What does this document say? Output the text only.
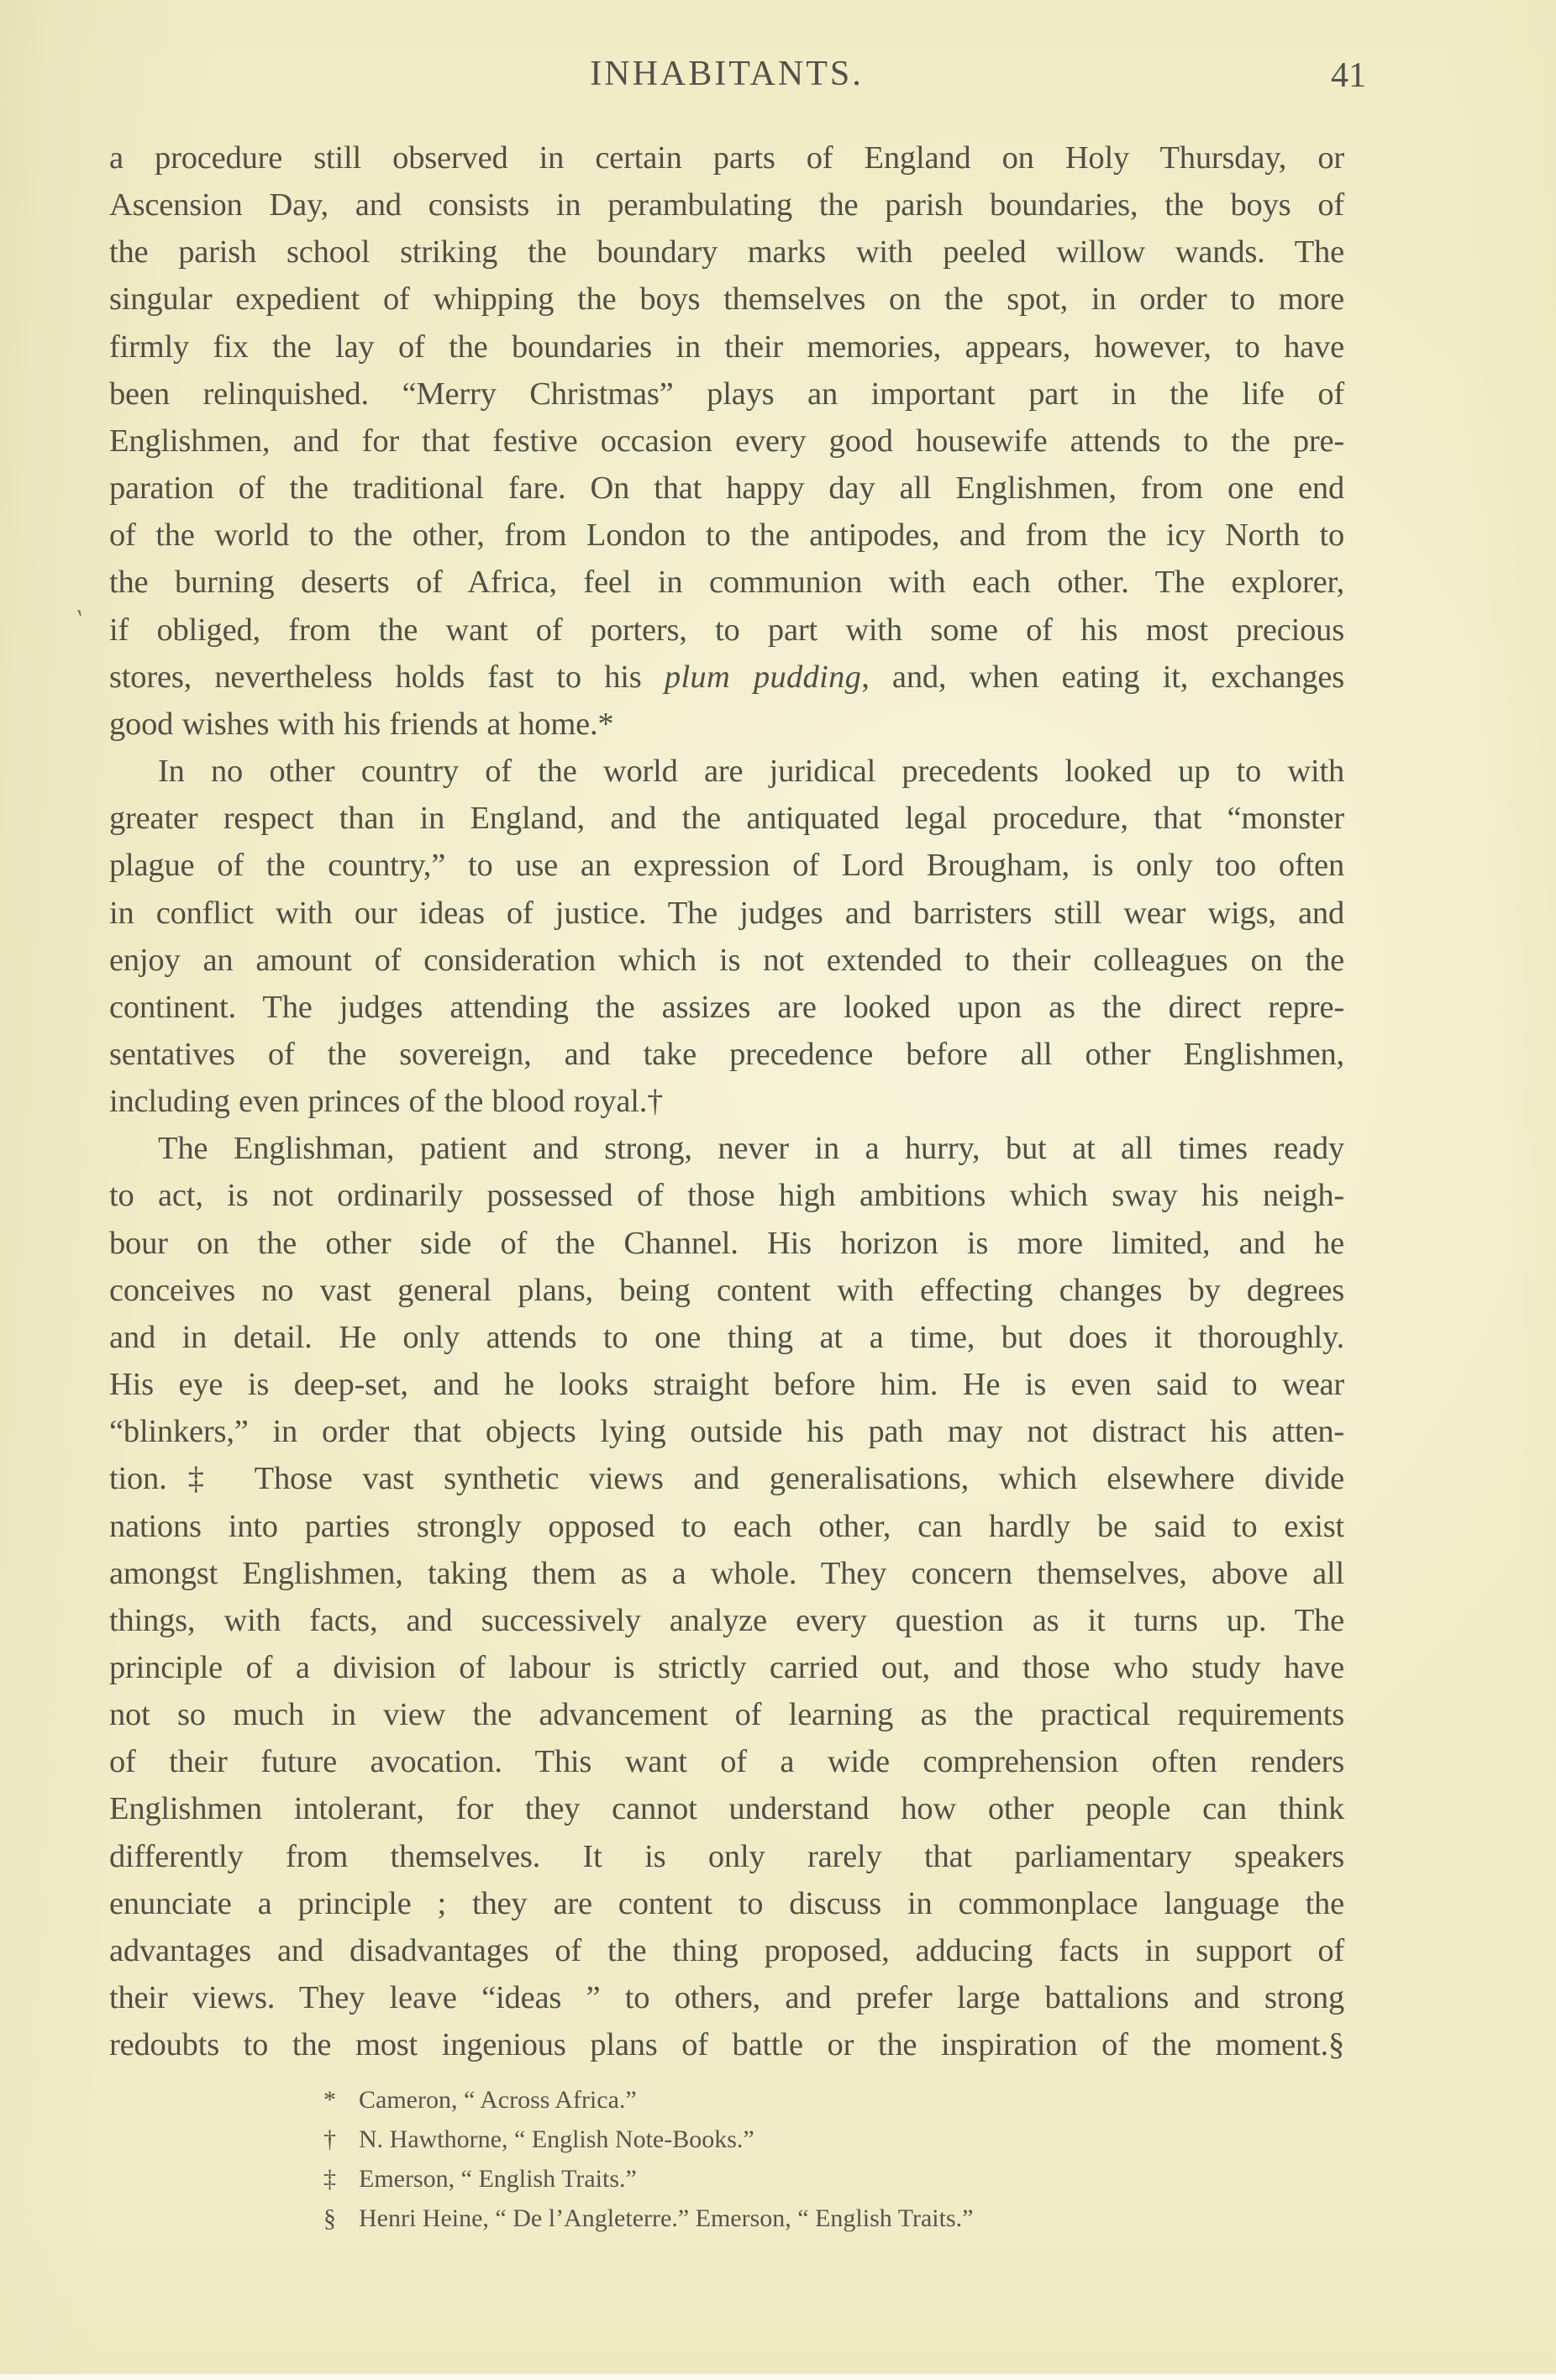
INHABITANTS.	41
‵
a procedure still observed in certain parts of England on Holy Thursday, or
Ascension Day, and consists in perambulating the parish boundaries, the boys of
the parish school striking the boundary marks with peeled willow wands. The
singular expedient of whipping the boys themselves on the spot, in order to more
firmly fix the lay of the boundaries in their memories, appears, however, to have
been relinquished. “Merry Christmas” plays an important part in the life of
Englishmen, and for that festive occasion every good housewife attends to the pre-
paration of the traditional fare. On that happy day all Englishmen, from one end
of the world to the other, from London to the antipodes, and from the icy North to
the burning deserts of Africa, feel in communion with each other. The explorer,
if obliged, from the want of porters, to part with some of his most precious
stores, nevertheless holds fast to his plum pudding, and, when eating it, exchanges
good wishes with his friends at home.*
In no other country of the world are juridical precedents looked up to with
greater respect than in England, and the antiquated legal procedure, that “monster
plague of the country,” to use an expression of Lord Brougham, is only too often
in conflict with our ideas of justice. The judges and barristers still wear wigs, and
enjoy an amount of consideration which is not extended to their colleagues on the
continent. The judges attending the assizes are looked upon as the direct repre-
sentatives of the sovereign, and take precedence before all other Englishmen,
including even princes of the blood royal.†
The Englishman, patient and strong, never in a hurry, but at all times ready
to act, is not ordinarily possessed of those high ambitions which sway his neigh-
bour on the other side of the Channel. His horizon is more limited, and he
conceives no vast general plans, being content with effecting changes by degrees
and in detail. He only attends to one thing at a time, but does it thoroughly.
His eye is deep-set, and he looks straight before him. He is even said to wear
“blinkers,” in order that objects lying outside his path may not distract his atten-
tion.‡ Those vast synthetic views and generalisations, which elsewhere divide
nations into parties strongly opposed to each other, can hardly be said to exist
amongst Englishmen, taking them as a whole. They concern themselves, above all
things, with facts, and successively analyze every question as it turns up. The
principle of a division of labour is strictly carried out, and those who study have
not so much in view the advancement of learning as the practical requirements
of their future avocation. This want of a wide comprehension often renders
Englishmen intolerant, for they cannot understand how other people can think
differently from themselves. It is only rarely that parliamentary speakers
enunciate a principle ; they are content to discuss in commonplace language the
advantages and disadvantages of the thing proposed, adducing facts in support of
their views. They leave “ideas ” to others, and prefer large battalions and strong
redoubts to the most ingenious plans of battle or the inspiration of the moment.§
* Cameron, “ Across Africa.”
† N. Hawthorne, “ English Note-Books.”
‡ Emerson, “ English Traits.”
§ Henri Heine, “ De l’Angleterre.” Emerson, “ English Traits.”
